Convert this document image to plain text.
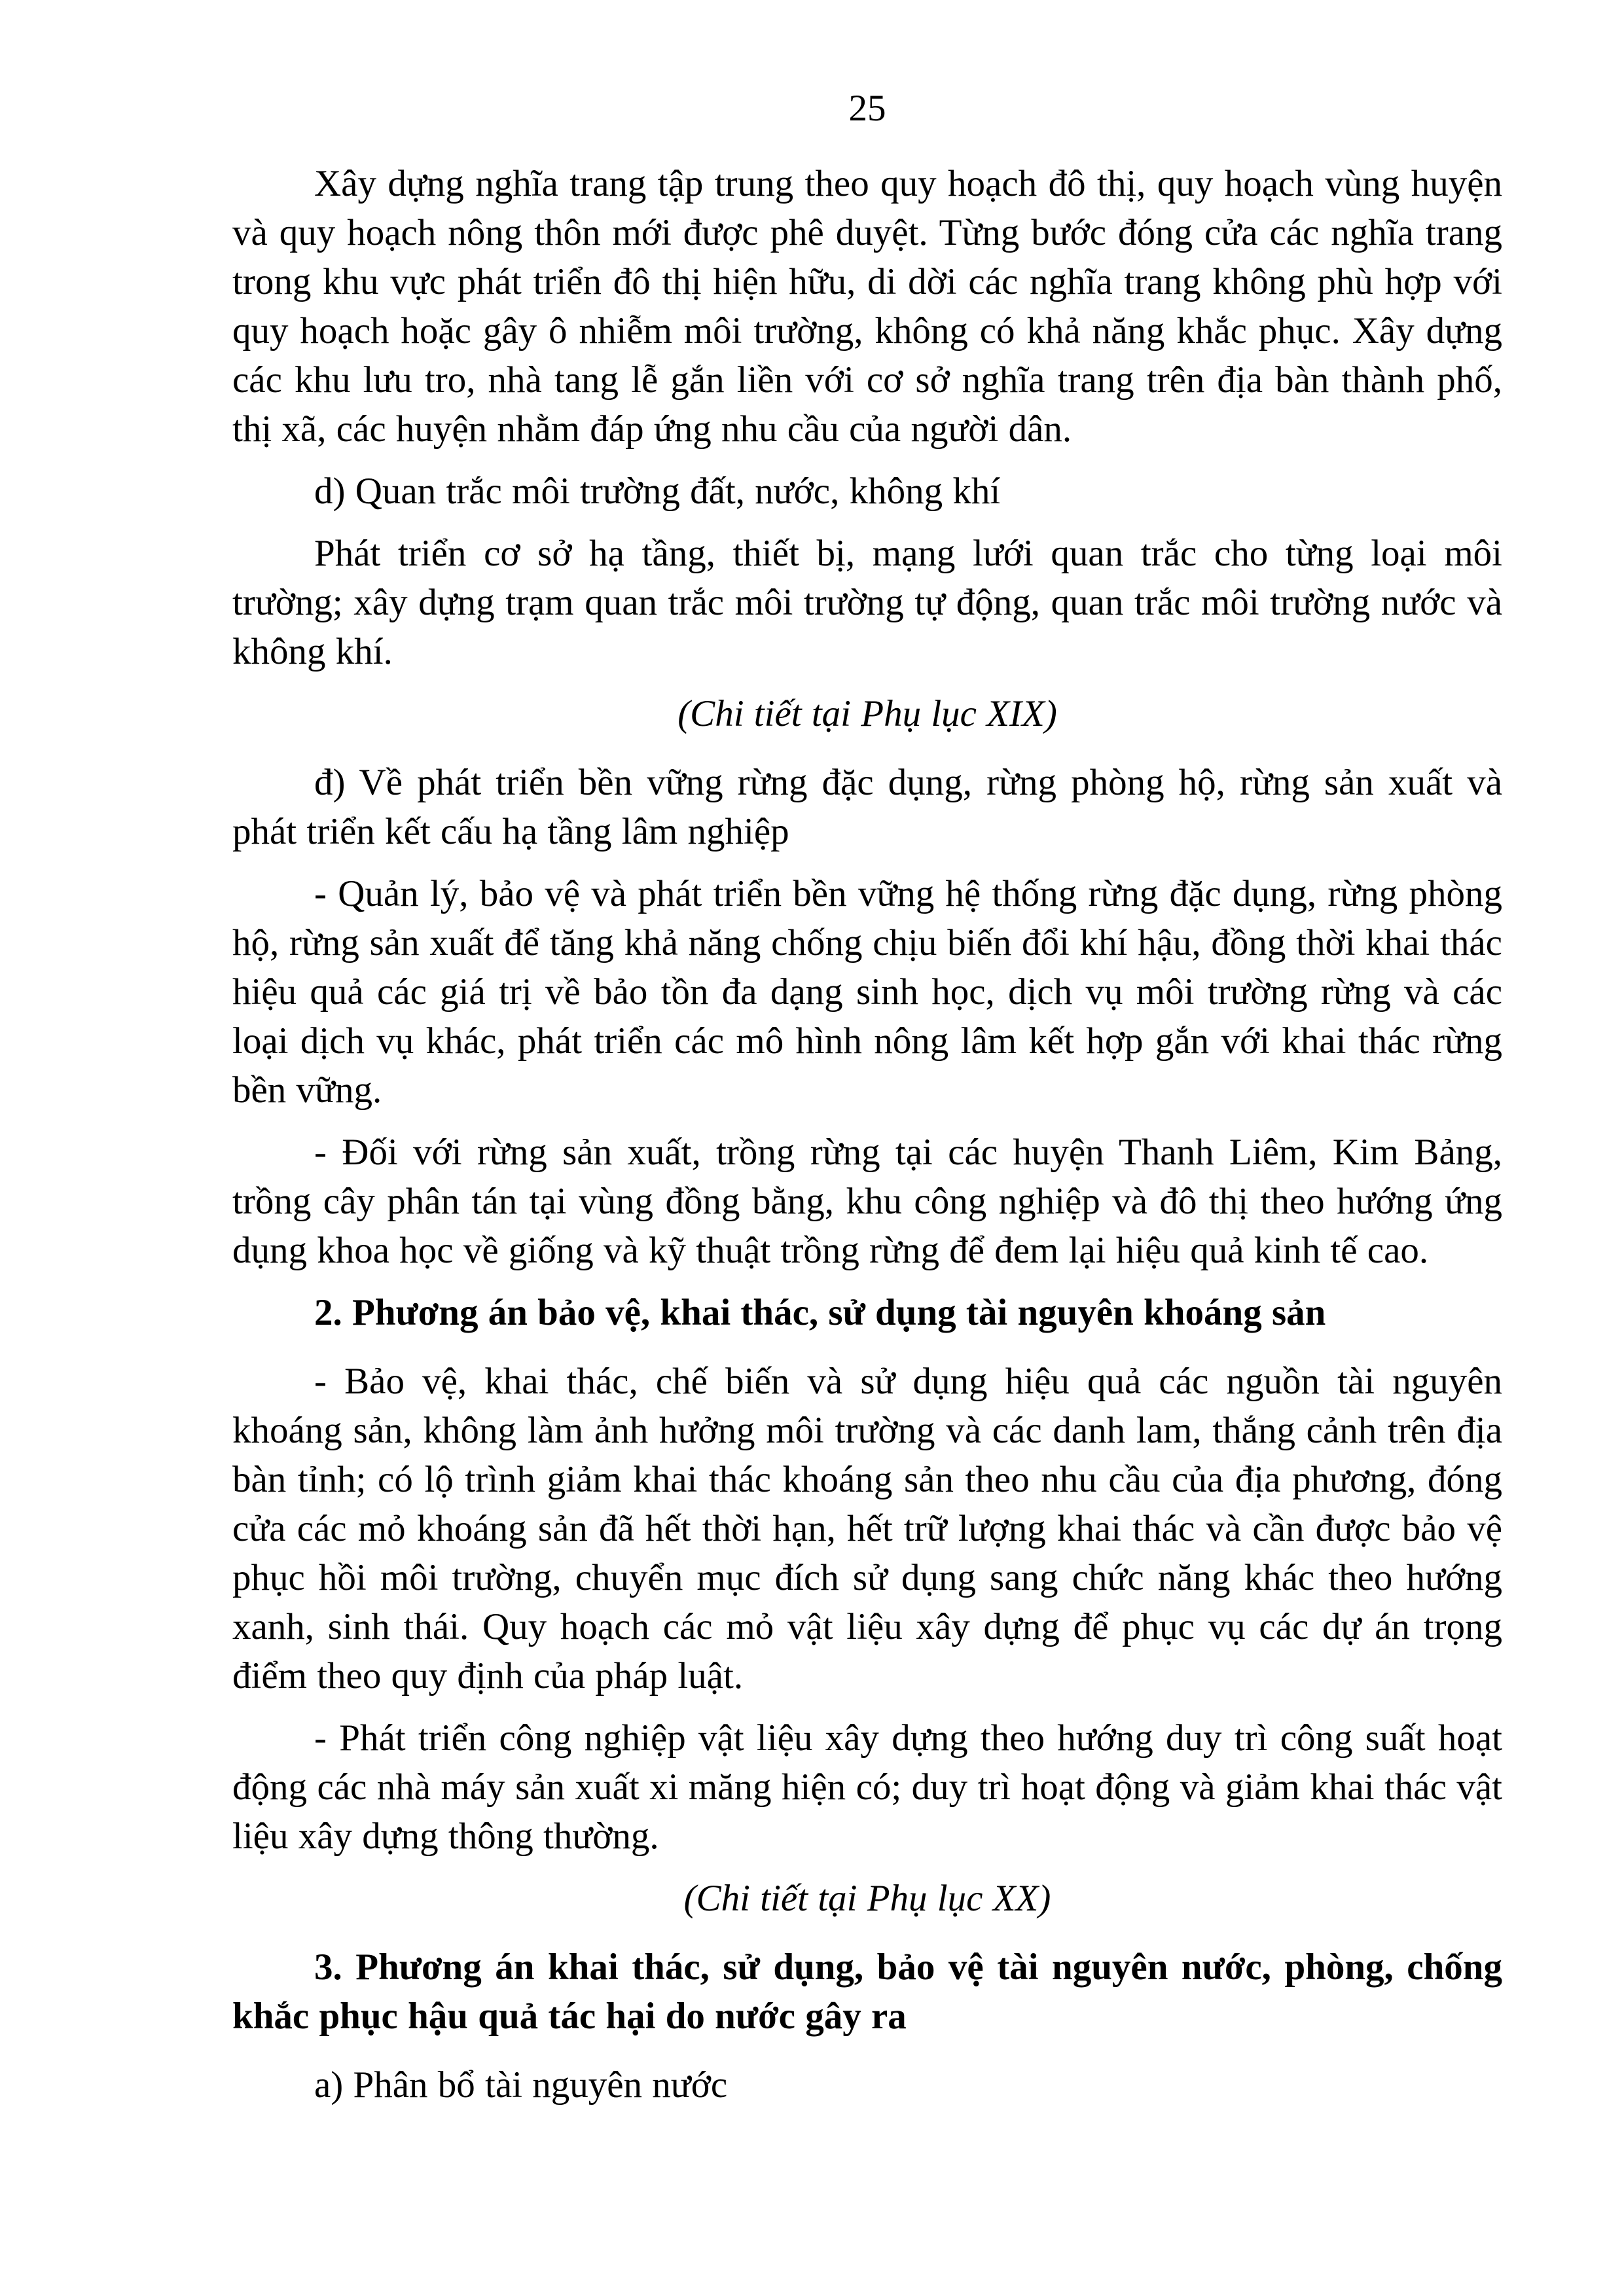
25

Xây dựng nghĩa trang tập trung theo quy hoạch đô thị, quy hoạch vùng huyện và quy hoạch nông thôn mới được phê duyệt. Từng bước đóng cửa các nghĩa trang trong khu vực phát triển đô thị hiện hữu, di dời các nghĩa trang không phù hợp với quy hoạch hoặc gây ô nhiễm môi trường, không có khả năng khắc phục. Xây dựng các khu lưu tro, nhà tang lễ gắn liền với cơ sở nghĩa trang trên địa bàn thành phố, thị xã, các huyện nhằm đáp ứng nhu cầu của người dân.

d) Quan trắc môi trường đất, nước, không khí

Phát triển cơ sở hạ tầng, thiết bị, mạng lưới quan trắc cho từng loại môi trường; xây dựng trạm quan trắc môi trường tự động, quan trắc môi trường nước và không khí.

(Chi tiết tại Phụ lục XIX)

đ) Về phát triển bền vững rừng đặc dụng, rừng phòng hộ, rừng sản xuất và phát triển kết cấu hạ tầng lâm nghiệp

- Quản lý, bảo vệ và phát triển bền vững hệ thống rừng đặc dụng, rừng phòng hộ, rừng sản xuất để tăng khả năng chống chịu biến đổi khí hậu, đồng thời khai thác hiệu quả các giá trị về bảo tồn đa dạng sinh học, dịch vụ môi trường rừng và các loại dịch vụ khác, phát triển các mô hình nông lâm kết hợp gắn với khai thác rừng bền vững.

- Đối với rừng sản xuất, trồng rừng tại các huyện Thanh Liêm, Kim Bảng, trồng cây phân tán tại vùng đồng bằng, khu công nghiệp và đô thị theo hướng ứng dụng khoa học về giống và kỹ thuật trồng rừng để đem lại hiệu quả kinh tế cao.

2. Phương án bảo vệ, khai thác, sử dụng tài nguyên khoáng sản

- Bảo vệ, khai thác, chế biến và sử dụng hiệu quả các nguồn tài nguyên khoáng sản, không làm ảnh hưởng môi trường và các danh lam, thắng cảnh trên địa bàn tỉnh; có lộ trình giảm khai thác khoáng sản theo nhu cầu của địa phương, đóng cửa các mỏ khoáng sản đã hết thời hạn, hết trữ lượng khai thác và cần được bảo vệ phục hồi môi trường, chuyển mục đích sử dụng sang chức năng khác theo hướng xanh, sinh thái. Quy hoạch các mỏ vật liệu xây dựng để phục vụ các dự án trọng điểm theo quy định của pháp luật.

- Phát triển công nghiệp vật liệu xây dựng theo hướng duy trì công suất hoạt động các nhà máy sản xuất xi măng hiện có; duy trì hoạt động và giảm khai thác vật liệu xây dựng thông thường.

(Chi tiết tại Phụ lục XX)

3. Phương án khai thác, sử dụng, bảo vệ tài nguyên nước, phòng, chống khắc phục hậu quả tác hại do nước gây ra

a) Phân bổ tài nguyên nước
